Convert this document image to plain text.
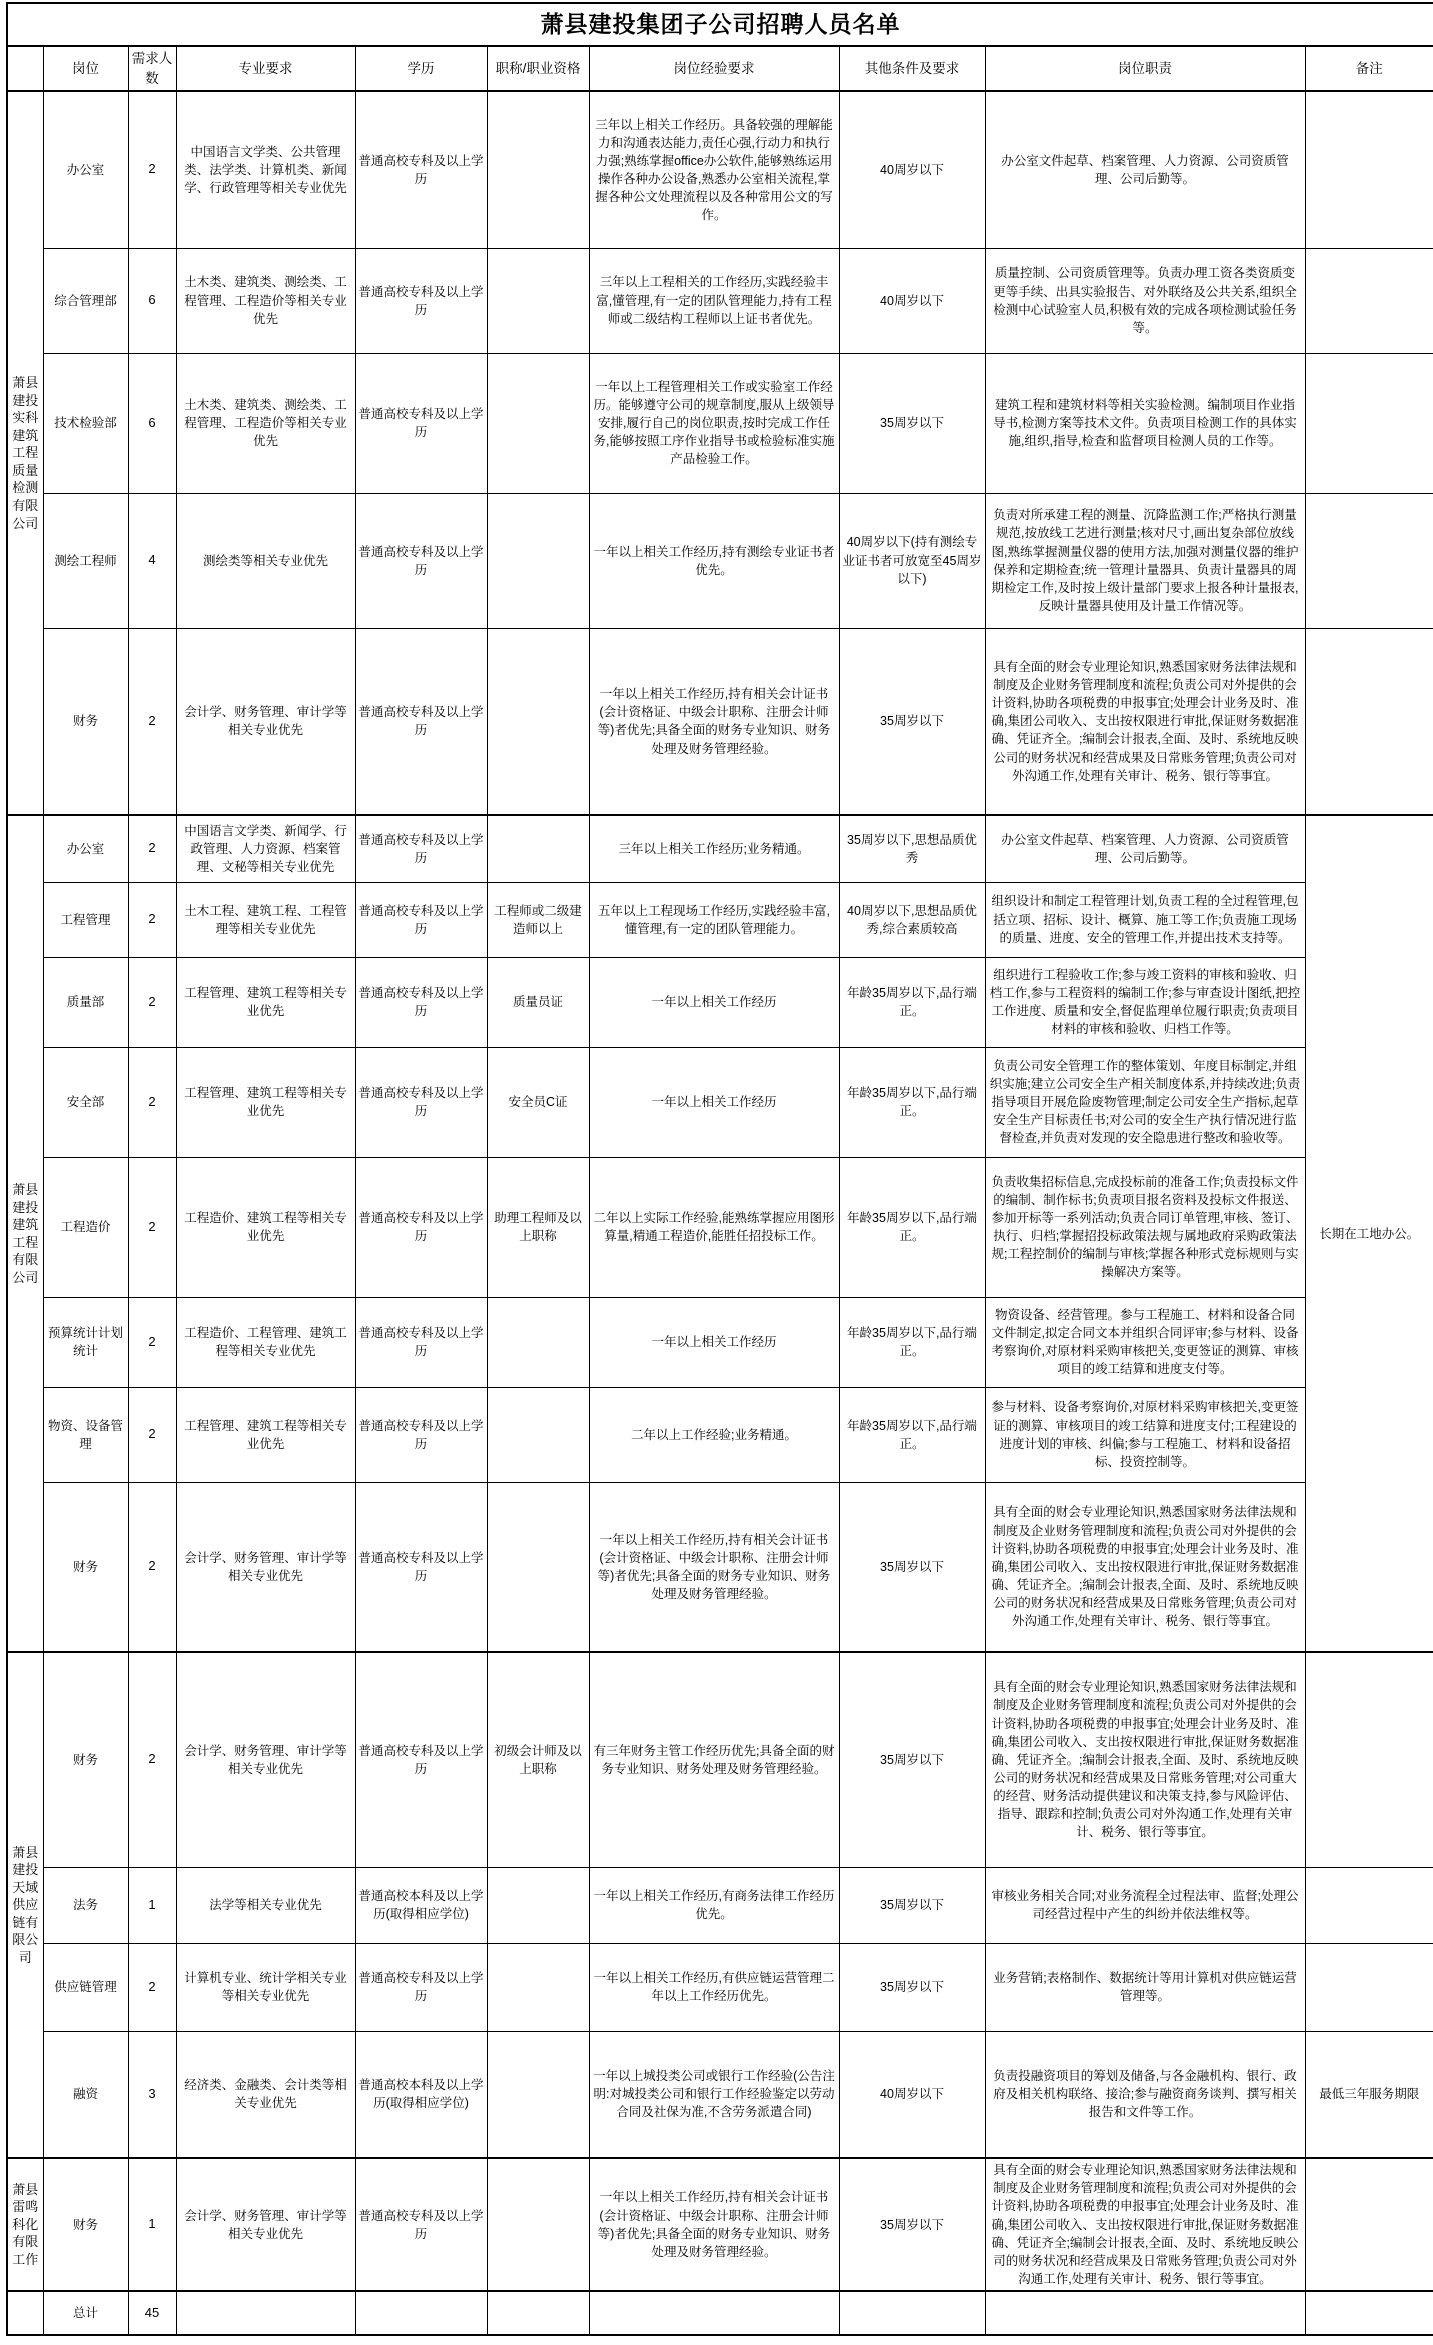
萧县建投集团子公司招聘人员名单									
	岗位	需求人数	专业要求	学历	职称/职业资格	岗位经验要求	其他条件及要求	岗位职责	备注
萧县建投实科建筑工程质量检测有限公司	办公室	2	中国语言文学类、公共管理类、法学类、计算机类、新闻学、行政管理等相关专业优先	普通高校专科及以上学历		三年以上相关工作经历。具备较强的理解能力和沟通表达能力,责任心强,行动力和执行力强;熟练掌握office办公软件,能够熟练运用操作各种办公设备,熟悉办公室相关流程,掌握各种公文处理流程以及各种常用公文的写作。	40周岁以下	办公室文件起草、档案管理、人力资源、公司资质管理、公司后勤等。	
	综合管理部	6	土木类、建筑类、测绘类、工程管理、工程造价等相关专业优先	普通高校专科及以上学历		三年以上工程相关的工作经历,实践经验丰富,懂管理,有一定的团队管理能力,持有工程师或二级结构工程师以上证书者优先。	40周岁以下	质量控制、公司资质管理等。负责办理工资各类资质变更等手续、出具实验报告、对外联络及公共关系,组织全检测中心试验室人员,积极有效的完成各项检测试验任务等。	
	技术检验部	6	土木类、建筑类、测绘类、工程管理、工程造价等相关专业优先	普通高校专科及以上学历		一年以上工程管理相关工作或实验室工作经历。能够遵守公司的规章制度,服从上级领导安排,履行自己的岗位职责,按时完成工作任务,能够按照工序作业指导书或检验标准实施产品检验工作。	35周岁以下	建筑工程和建筑材料等相关实验检测。编制项目作业指导书,检测方案等技术文件。负责项目检测工作的具体实施,组织,指导,检查和监督项目检测人员的工作等。	
	测绘工程师	4	测绘类等相关专业优先	普通高校专科及以上学历		一年以上相关工作经历,持有测绘专业证书者优先。	40周岁以下(持有测绘专业证书者可放宽至45周岁以下)	负责对所承建工程的测量、沉降监测工作;严格执行测量规范,按放线工艺进行测量;核对尺寸,画出复杂部位放线图,熟练掌握测量仪器的使用方法,加强对测量仪器的维护保养和定期检查;统一管理计量器具、负责计量器具的周期检定工作,及时按上级计量部门要求上报各种计量报表,反映计量器具使用及计量工作情况等。	
	财务	2	会计学、财务管理、审计学等相关专业优先	普通高校专科及以上学历		一年以上相关工作经历,持有相关会计证书(会计资格证、中级会计职称、注册会计师等)者优先;具备全面的财务专业知识、财务处理及财务管理经验。	35周岁以下	具有全面的财会专业理论知识,熟悉国家财务法律法规和制度及企业财务管理制度和流程;负责公司对外提供的会计资料,协助各项税费的申报事宜;处理会计业务及时、准确,集团公司收入、支出按权限进行审批,保证财务数据准确、凭证齐全。;编制会计报表,全面、及时、系统地反映公司的财务状况和经营成果及日常账务管理;负责公司对外沟通工作,处理有关审计、税务、银行等事宜。	
萧县建投建筑工程有限公司	办公室	2	中国语言文学类、新闻学、行政管理、人力资源、档案管理、文秘等相关专业优先	普通高校专科及以上学历		三年以上相关工作经历;业务精通。	35周岁以下,思想品质优秀	办公室文件起草、档案管理、人力资源、公司资质管理、公司后勤等。	长期在工地办公。
	工程管理	2	土木工程、建筑工程、工程管理等相关专业优先	普通高校专科及以上学历	工程师或二级建造师以上	五年以上工程现场工作经历,实践经验丰富,懂管理,有一定的团队管理能力。	40周岁以下,思想品质优秀,综合素质较高	组织设计和制定工程管理计划,负责工程的全过程管理,包括立项、招标、设计、概算、施工等工作;负责施工现场的质量、进度、安全的管理工作,并提出技术支持等。	
	质量部	2	工程管理、建筑工程等相关专业优先	普通高校专科及以上学历	质量员证	一年以上相关工作经历	年龄35周岁以下,品行端正。	组织进行工程验收工作;参与竣工资料的审核和验收、归档工作,参与工程资料的编制工作;参与审查设计图纸,把控工作进度、质量和安全,督促监理单位履行职责;负责项目材料的审核和验收、归档工作等。	
	安全部	2	工程管理、建筑工程等相关专业优先	普通高校专科及以上学历	安全员C证	一年以上相关工作经历	年龄35周岁以下,品行端正。	负责公司安全管理工作的整体策划、年度目标制定,并组织实施;建立公司安全生产相关制度体系,并持续改进;负责指导项目开展危险废物管理;制定公司安全生产指标,起草安全生产目标责任书;对公司的安全生产执行情况进行监督检查,并负责对发现的安全隐患进行整改和验收等。	
	工程造价	2	工程造价、建筑工程等相关专业优先	普通高校专科及以上学历	助理工程师及以上职称	二年以上实际工作经验,能熟练掌握应用图形算量,精通工程造价,能胜任招投标工作。	年龄35周岁以下,品行端正。	负责收集招标信息,完成投标前的准备工作;负责投标文件的编制、制作标书;负责项目报名资料及投标文件报送、参加开标等一系列活动;负责合同订单管理,审核、签订、执行、归档;掌握招投标政策法规与属地政府采购政策法规;工程控制价的编制与审核;掌握各种形式竞标规则与实操解决方案等。	
	预算统计计划统计	2	工程造价、工程管理、建筑工程等相关专业优先	普通高校专科及以上学历		一年以上相关工作经历	年龄35周岁以下,品行端正。	物资设备、经营管理。参与工程施工、材料和设备合同文件制定,拟定合同文本并组织合同评审;参与材料、设备考察询价,对原材料采购审核把关,变更签证的测算、审核项目的竣工结算和进度支付等。	
	物资、设备管理	2	工程管理、建筑工程等相关专业优先	普通高校专科及以上学历		二年以上工作经验;业务精通。	年龄35周岁以下,品行端正。	参与材料、设备考察询价,对原材料采购审核把关,变更签证的测算、审核项目的竣工结算和进度支付;工程建设的进度计划的审核、纠偏;参与工程施工、材料和设备招标、投资控制等。	
	财务	2	会计学、财务管理、审计学等相关专业优先	普通高校专科及以上学历		一年以上相关工作经历,持有相关会计证书(会计资格证、中级会计职称、注册会计师等)者优先;具备全面的财务专业知识、财务处理及财务管理经验。	35周岁以下	具有全面的财会专业理论知识,熟悉国家财务法律法规和制度及企业财务管理制度和流程;负责公司对外提供的会计资料,协助各项税费的申报事宜;处理会计业务及时、准确,集团公司收入、支出按权限进行审批,保证财务数据准确、凭证齐全。;编制会计报表,全面、及时、系统地反映公司的财务状况和经营成果及日常账务管理;负责公司对外沟通工作,处理有关审计、税务、银行等事宜。	
萧县建投天域供应链有限公司	财务	2	会计学、财务管理、审计学等相关专业优先	普通高校专科及以上学历	初级会计师及以上职称	有三年财务主管工作经历优先;具备全面的财务专业知识、财务处理及财务管理经验。	35周岁以下	具有全面的财会专业理论知识,熟悉国家财务法律法规和制度及企业财务管理制度和流程;负责公司对外提供的会计资料,协助各项税费的申报事宜;处理会计业务及时、准确,集团公司收入、支出按权限进行审批,保证财务数据准确、凭证齐全。;编制会计报表,全面、及时、系统地反映公司的财务状况和经营成果及日常账务管理;对公司重大的经营、财务活动提供建议和决策支持,参与风险评估、指导、跟踪和控制;负责公司对外沟通工作,处理有关审计、税务、银行等事宜。	
	法务	1	法学等相关专业优先	普通高校本科及以上学历(取得相应学位)		一年以上相关工作经历,有商务法律工作经历优先。	35周岁以下	审核业务相关合同;对业务流程全过程法审、监督;处理公司经营过程中产生的纠纷并依法维权等。	
	供应链管理	2	计算机专业、统计学相关专业等相关专业优先	普通高校专科及以上学历		一年以上相关工作经历,有供应链运营管理二年以上工作经历优先。	35周岁以下	业务营销;表格制作、数据统计等用计算机对供应链运营管理等。	
	融资	3	经济类、金融类、会计类等相关专业优先	普通高校本科及以上学历(取得相应学位)		一年以上城投类公司或银行工作经验(公告注明:对城投类公司和银行工作经验鉴定以劳动合同及社保为准,不含劳务派遣合同)	40周岁以下	负责投融资项目的筹划及储备,与各金融机构、银行、政府及相关机构联络、接洽;参与融资商务谈判、撰写相关报告和文件等工作。	最低三年服务期限
萧县雷鸣科化有限工作	财务	1	会计学、财务管理、审计学等相关专业优先	普通高校专科及以上学历		一年以上相关工作经历,持有相关会计证书(会计资格证、中级会计职称、注册会计师等)者优先;具备全面的财务专业知识、财务处理及财务管理经验。	35周岁以下	具有全面的财会专业理论知识,熟悉国家财务法律法规和制度及企业财务管理制度和流程;负责公司对外提供的会计资料,协助各项税费的申报事宜;处理会计业务及时、准确,集团公司收入、支出按权限进行审批,保证财务数据准确、凭证齐全;编制会计报表,全面、及时、系统地反映公司的财务状况和经营成果及日常账务管理;负责公司对外沟通工作,处理有关审计、税务、银行等事宜。	
	总计	45							
